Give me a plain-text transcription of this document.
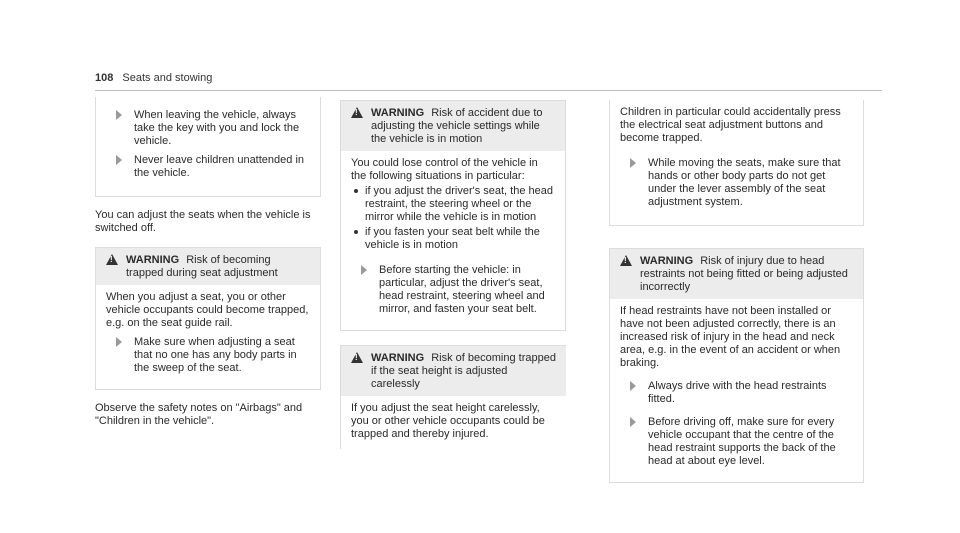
108 Seats and stowing
When leaving the vehicle, always take the key with you and lock the vehicle.
Never leave children unattended in the vehicle.

You can adjust the seats when the vehicle is switched off.

!
WARNING Risk of becoming trapped during seat adjustment

When you adjust a seat, you or other vehicle occupants could become trapped, e.g. on the seat guide rail.

Make sure when adjusting a seat that no one has any body parts in the sweep of the seat.

Observe the safety notes on "Airbags" and "Children in the vehicle".

!
WARNING Risk of accident due to adjusting the vehicle settings while the vehicle is in motion

You could lose control of the vehicle in the following situations in particular:

if you adjust the driver's seat, the head restraint, the steering wheel or the mirror while the vehicle is in motion
if you fasten your seat belt while the vehicle is in motion
Before starting the vehicle: in particular, adjust the driver's seat, head restraint, steering wheel and mirror, and fasten your seat belt.
!
WARNING Risk of becoming trapped if the seat height is adjusted carelessly

If you adjust the seat height carelessly, you or other vehicle occupants could be trapped and thereby injured.

Children in particular could accidentally press the electrical seat adjustment buttons and become trapped.

While moving the seats, make sure that hands or other body parts do not get under the lever assembly of the seat adjustment system.
!
WARNING Risk of injury due to head restraints not being fitted or being adjusted incorrectly

If head restraints have not been installed or have not been adjusted correctly, there is an increased risk of injury in the head and neck area, e.g. in the event of an accident or when braking.

Always drive with the head restraints fitted.
Before driving off, make sure for every vehicle occupant that the centre of the head restraint supports the back of the head at about eye level.
